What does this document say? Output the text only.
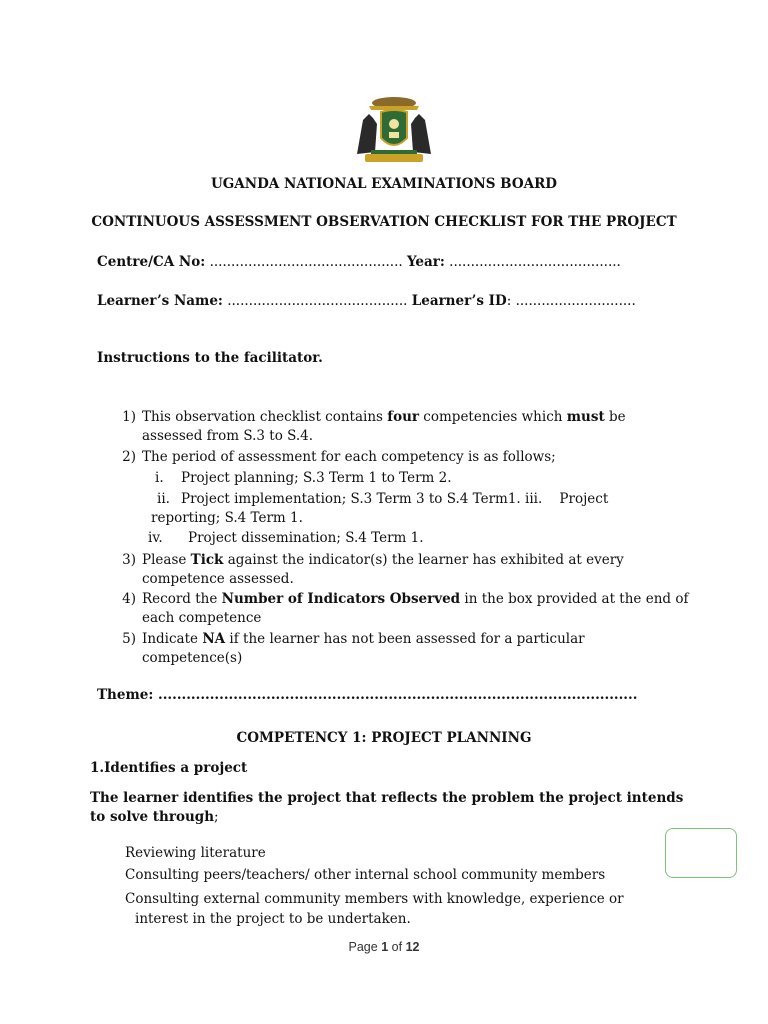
UGANDA NATIONAL EXAMINATIONS BOARD
CONTINUOUS ASSESSMENT OBSERVATION CHECKLIST FOR THE PROJECT
Centre/CA No: ............................................. Year: ........................................
Learner’s Name: .......................................... Learner’s ID: ............................
Instructions to the facilitator.
1) This observation checklist contains four competencies which must be
assessed from S.3 to S.4.
2) The period of assessment for each competency is as follows;
i. Project planning; S.3 Term 1 to Term 2.
ii. Project implementation; S.3 Term 3 to S.4 Term1. iii.    Project
reporting; S.4 Term 1.
iv. Project dissemination; S.4 Term 1.
3) Please Tick against the indicator(s) the learner has exhibited at every
competence assessed.
4) Record the Number of Indicators Observed in the box provided at the end of
each competence
5) Indicate NA if the learner has not been assessed for a particular
competence(s)
Theme: ......................................................................................................
COMPETENCY 1: PROJECT PLANNING
1.Identifies a project
The learner identifies the project that reflects the problem the project intends
to solve through;
Reviewing literature
Consulting peers/teachers/ other internal school community members
Consulting external community members with knowledge, experience or
interest in the project to be undertaken.
Page 1 of 12
